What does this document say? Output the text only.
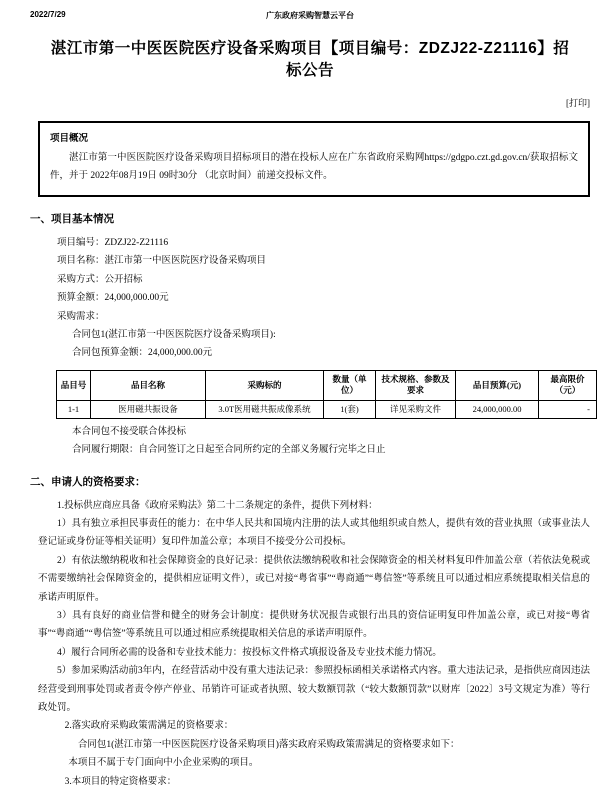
2022/7/29	广东政府采购智慧云平台
湛江市第一中医医院医疗设备采购项目【项目编号：ZDZJ22-Z21116】招标公告
[打印]
项目概况
湛江市第一中医医院医疗设备采购项目招标项目的潜在投标人应在广东省政府采购网https://gdgpo.czt.gd.gov.cn/获取招标文件，并于 2022年08月19日 09时30分 （北京时间）前递交投标文件。
一、项目基本情况
项目编号：ZDZJ22-Z21116
项目名称：湛江市第一中医医院医疗设备采购项目
采购方式：公开招标
预算金额：24,000,000.00元
采购需求：
合同包1(湛江市第一中医医院医疗设备采购项目):
合同包预算金额：24,000,000.00元
品目号	品目名称	采购标的	数量（单位）	技术规格、参数及要求	品目预算(元)	最高限价（元）
1-1	医用磁共振设备	3.0T医用磁共振成像系统	1(套)	详见采购文件	24,000,000.00	-
本合同包不接受联合体投标
合同履行期限：自合同签订之日起至合同所约定的全部义务履行完毕之日止
二、申请人的资格要求：
1.投标供应商应具备《政府采购法》第二十二条规定的条件，提供下列材料：
1）具有独立承担民事责任的能力：在中华人民共和国境内注册的法人或其他组织或自然人，提供有效的营业执照（或事业法人登记证或身份证等相关证明）复印件加盖公章；本项目不接受分公司投标。
2）有依法缴纳税收和社会保障资金的良好记录：提供依法缴纳税收和社会保障资金的相关材料复印件加盖公章（若依法免税或不需要缴纳社会保障资金的，提供相应证明文件），或已对接“粤省事”“粤商通”“粤信签”等系统且可以通过相应系统提取相关信息的承诺声明原件。
3）具有良好的商业信誉和健全的财务会计制度：提供财务状况报告或银行出具的资信证明复印件加盖公章，或已对接“粤省事”“粤商通”“粤信签”等系统且可以通过相应系统提取相关信息的承诺声明原件。
4）履行合同所必需的设备和专业技术能力：按投标文件格式填报设备及专业技术能力情况。
5）参加采购活动前3年内，在经营活动中没有重大违法记录：参照投标函相关承诺格式内容。重大违法记录，是指供应商因违法经营受到刑事处罚或者责令停产停业、吊销许可证或者执照、较大数额罚款（“较大数额罚款”以财库〔2022〕3号文规定为准）等行政处罚。
2.落实政府采购政策需满足的资格要求：
合同包1(湛江市第一中医医院医疗设备采购项目)落实政府采购政策需满足的资格要求如下：
本项目不属于专门面向中小企业采购的项目。
3.本项目的特定资格要求：
